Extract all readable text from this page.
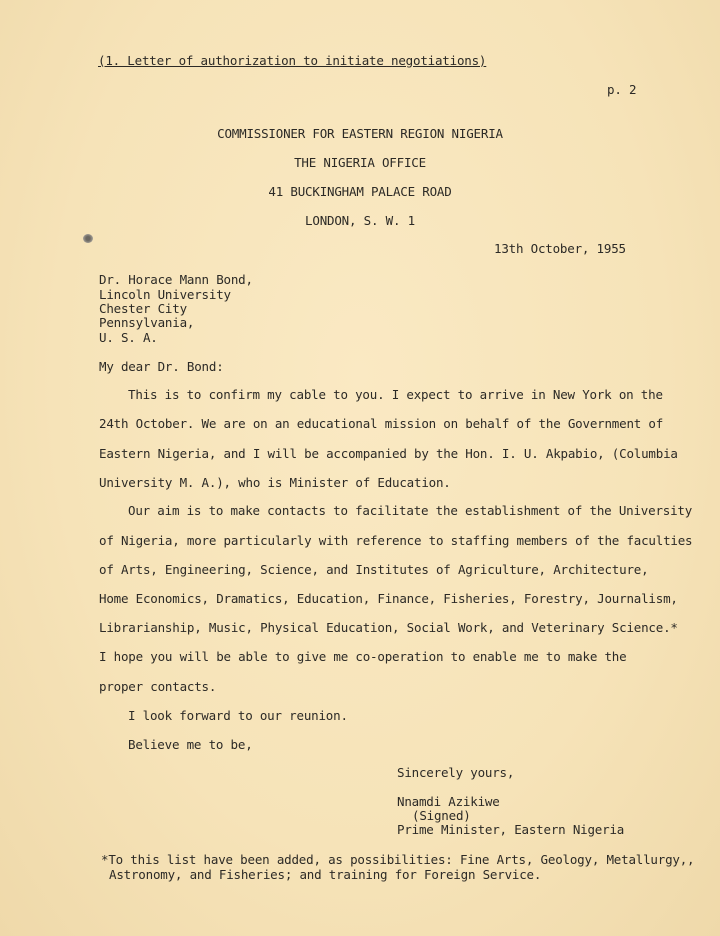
(1. Letter of authorization to initiate negotiations)
p. 2
COMMISSIONER FOR EASTERN REGION NIGERIA
THE NIGERIA OFFICE
41 BUCKINGHAM PALACE ROAD
LONDON, S. W. 1
13th October, 1955
Dr. Horace Mann Bond,
Lincoln University
Chester City
Pennsylvania,
U. S. A.
My dear Dr. Bond:
This is to confirm my cable to you. I expect to arrive in New York on the
24th October. We are on an educational mission on behalf of the Government of
Eastern Nigeria, and I will be accompanied by the Hon. I. U. Akpabio, (Columbia
University M. A.), who is Minister of Education.
Our aim is to make contacts to facilitate the establishment of the University
of Nigeria, more particularly with reference to staffing members of the faculties
of Arts, Engineering, Science, and Institutes of Agriculture, Architecture,
Home Economics, Dramatics, Education, Finance, Fisheries, Forestry, Journalism,
Librarianship, Music, Physical Education, Social Work, and Veterinary Science.*
I hope you will be able to give me co-operation to enable me to make the
proper contacts.
I look forward to our reunion.
Believe me to be,
Sincerely yours,
Nnamdi Azikiwe
(Signed)
Prime Minister, Eastern Nigeria
*To this list have been added, as possibilities: Fine Arts, Geology, Metallurgy,,
Astronomy, and Fisheries; and training for Foreign Service.
